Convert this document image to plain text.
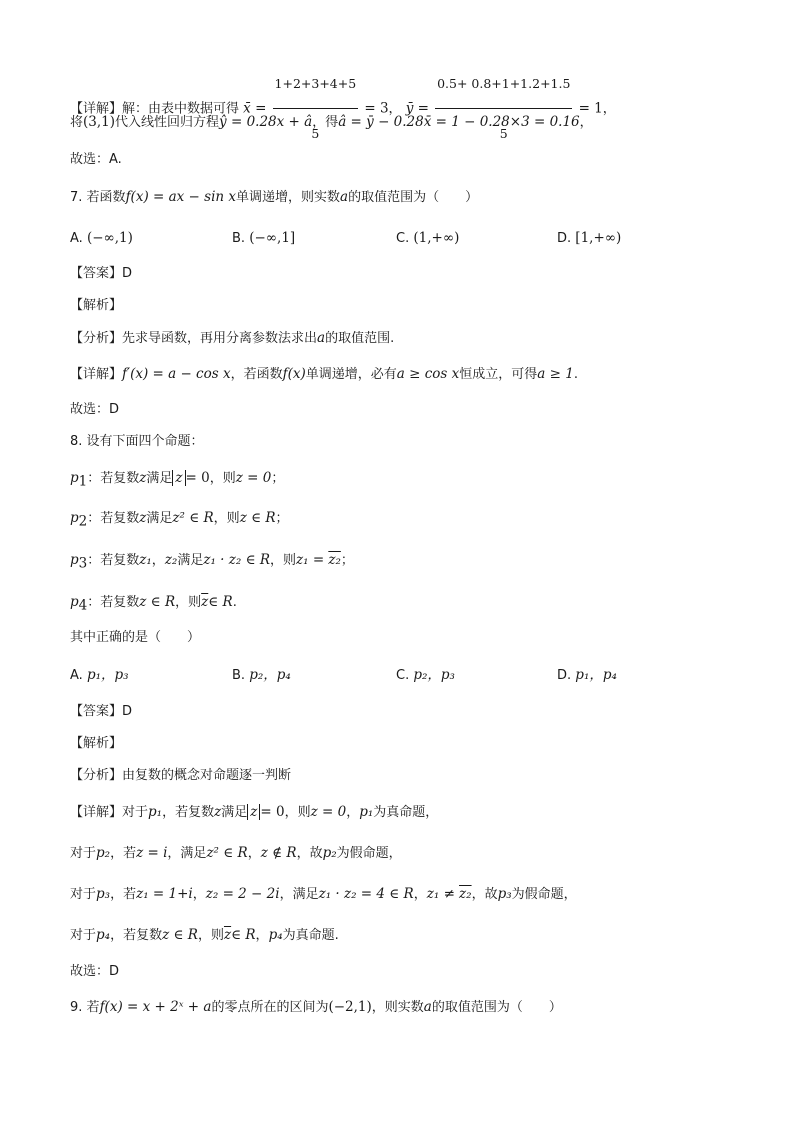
【详解】解：由表中数据可得 x̄ = $\frac{1+2+3+4+5}{5} = 3$， ȳ = $\frac{0.5+ 0.8+1+1.2+1.5}{5} = 1$，
将(3,1)代入线性回归方程ŷ = 0.28x + â，得â = ȳ − 0.28x̄ = 1 − 0.28×3 = 0.16，
故选：A.
7. 若函数f(x) = ax − sin x单调递增，则实数a的取值范围为（　　）
A. (−∞,1)	B. (−∞,1]	C. (1,+∞)	D. [1,+∞)
【答案】D
【解析】
【分析】先求导函数，再用分离参数法求出a的取值范围.
【详解】f′(x) = a − cos x，若函数f(x)单调递增，必有a ≥ cos x恒成立，可得a ≥ 1.
故选：D
8. 设有下面四个命题：
$p_1$：若复数z满足 z = 0，则z = 0；
$p_2$：若复数z满足z² ∈ R，则z ∈ R；
$p_3$：若复数z₁，z₂满足z₁ · z₂ ∈ R，则z₁ = z₂；
$p_4$：若复数z ∈ R，则$\overline{z}\in$ R.
其中正确的是（　　）
A. p₁，p₃	B. p₂，p₄	C. p₂，p₃	D. p₁，p₄
【答案】D
【解析】
【分析】由复数的概念对命题逐一判断
【详解】对于p₁，若复数z满足 z = 0，则z = 0，p₁为真命题，
对于p₂，若z = i，满足z² ∈ R，z ∉ R，故p₂为假命题，
对于p₃，若z₁ = 1+i，z₂ = 2 − 2i，满足z₁ · z₂ = 4 ∈ R，z₁ ≠ z₂，故p₃为假命题，
对于p₄，若复数z ∈ R，则$\overline{z}\in$ R，p₄为真命题.
故选：D
9. 若f(x) = x + 2ˣ + a的零点所在的区间为(−2,1)，则实数a的取值范围为（　　）
